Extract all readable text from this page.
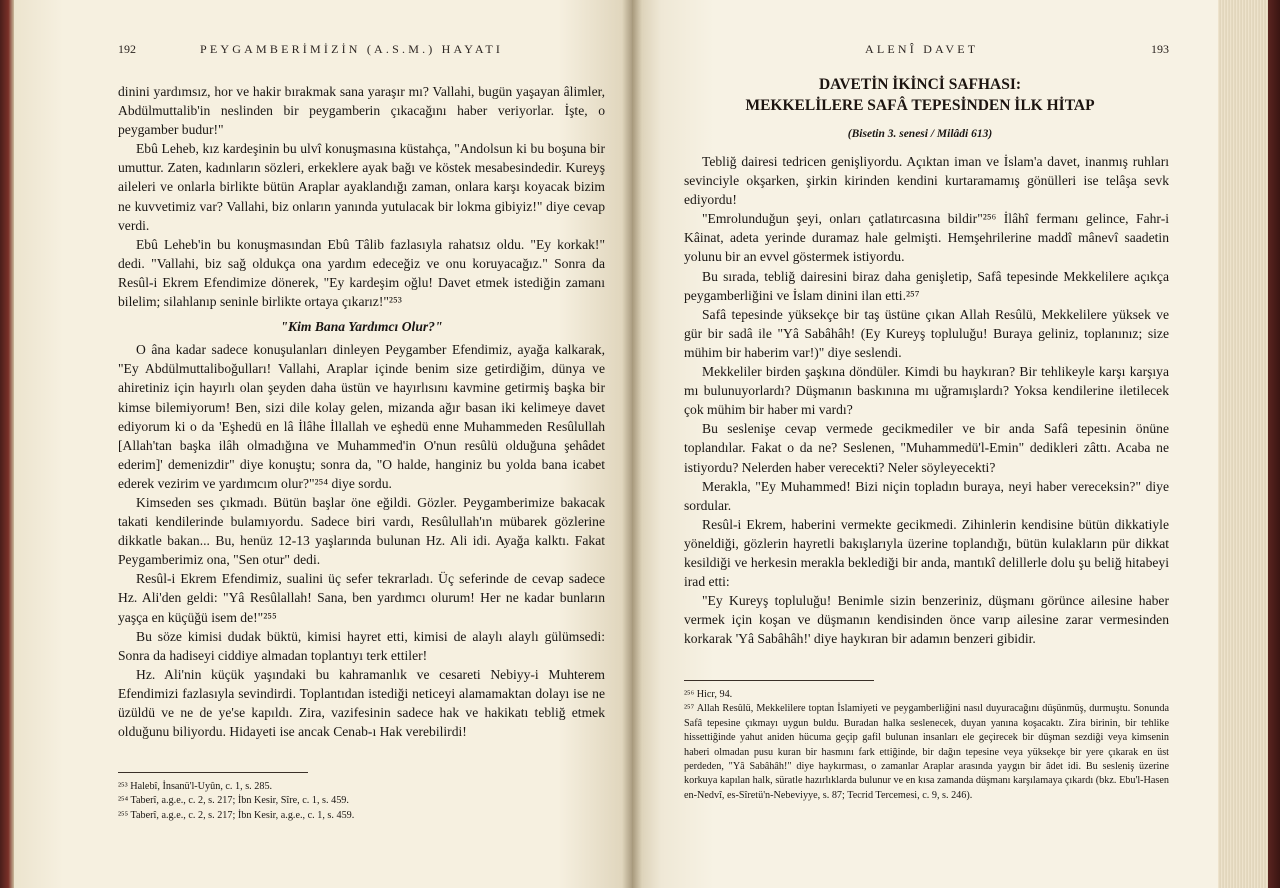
192	PEYGAMBERİMİZİN (A.S.M.) HAYATI

dinini yardımsız, hor ve hakir bırakmak sana yaraşır mı? Vallahi, bugün yaşayan âlimler, Abdülmuttalib'in neslinden bir peygamberin çıkacağını haber veriyorlar. İşte, o peygamber budur!"

Ebû Leheb, kız kardeşinin bu ulvî konuşmasına küstahça, "Andolsun ki bu boşuna bir umuttur. Zaten, kadınların sözleri, erkeklere ayak bağı ve köstek mesabesindedir. Kureyş aileleri ve onlarla birlikte bütün Araplar ayaklandığı zaman, onlara karşı koyacak bizim ne kuvvetimiz var? Vallahi, biz onların yanında yutulacak bir lokma gibiyiz!" diye cevap verdi.

Ebû Leheb'in bu konuşmasından Ebû Tâlib fazlasıyla rahatsız oldu. "Ey korkak!" dedi. "Vallahi, biz sağ oldukça ona yardım edeceğiz ve onu koruyacağız." Sonra da Resûl-i Ekrem Efendimize dönerek, "Ey kardeşim oğlu! Davet etmek istediğin zamanı bilelim; silahlanıp seninle birlikte ortaya çıkarız!"²⁵³

"Kim Bana Yardımcı Olur?"

O âna kadar sadece konuşulanları dinleyen Peygamber Efendimiz, ayağa kalkarak, "Ey Abdülmuttaliboğulları! Vallahi, Araplar içinde benim size getirdiğim, dünya ve ahiretiniz için hayırlı olan şeyden daha üstün ve hayırlısını kavmine getirmiş başka bir kimse bilemiyorum! Ben, sizi dile kolay gelen, mizanda ağır basan iki kelimeye davet ediyorum ki o da 'Eşhedü en lâ İlâhe İllallah ve eşhedü enne Muhammeden Resûlullah [Allah'tan başka ilâh olmadığına ve Muhammed'in O'nun resûlü olduğuna şehâdet ederim]' demenizdir" diye konuştu; sonra da, "O halde, hanginiz bu yolda bana icabet ederek vezirim ve yardımcım olur?"²⁵⁴ diye sordu.

Kimseden ses çıkmadı. Bütün başlar öne eğildi. Gözler. Peygamberimize bakacak takati kendilerinde bulamıyordu. Sadece biri vardı, Resûlullah'ın mübarek gözlerine dikkatle bakan... Bu, henüz 12-13 yaşlarında bulunan Hz. Ali idi. Ayağa kalktı. Fakat Peygamberimiz ona, "Sen otur" dedi.

Resûl-i Ekrem Efendimiz, sualini üç sefer tekrarladı. Üç seferinde de cevap sadece Hz. Ali'den geldi: "Yâ Resûlallah! Sana, ben yardımcı olurum! Her ne kadar bunların yaşça en küçüğü isem de!"²⁵⁵

Bu söze kimisi dudak büktü, kimisi hayret etti, kimisi de alaylı alaylı gülümsedi: Sonra da hadiseyi ciddiye almadan toplantıyı terk ettiler!

Hz. Ali'nin küçük yaşındaki bu kahramanlık ve cesareti Nebiyy-i Muhterem Efendimizi fazlasıyla sevindirdi. Toplantıdan istediği neticeyi alamamaktan dolayı ise ne üzüldü ve ne de ye'se kapıldı. Zira, vazifesinin sadece hak ve hakikatı tebliğ etmek olduğunu biliyordu. Hidayeti ise ancak Cenab-ı Hak verebilirdi!

²⁵³ Halebî, İnsanü'l-Uyûn, c. 1, s. 285.

²⁵⁴ Taberî, a.g.e., c. 2, s. 217; İbn Kesir, Sîre, c. 1, s. 459.

²⁵⁵ Taberî, a.g.e., c. 2, s. 217; İbn Kesir, a.g.e., c. 1, s. 459.

ALENÎ DAVET	193
DAVETİN İKİNCİ SAFHASI:
MEKKELİLERE SAFÂ TEPESİNDEN İLK HİTAP
(Bisetin 3. senesi / Milâdi 613)

Tebliğ dairesi tedricen genişliyordu. Açıktan iman ve İslam'a davet, inanmış ruhları sevinciyle okşarken, şirkin kirinden kendini kurtaramamış gönülleri ise telâşa sevk ediyordu!

"Emrolunduğun şeyi, onları çatlatırcasına bildir"²⁵⁶ İlâhî fermanı gelince, Fahr-i Kâinat, adeta yerinde duramaz hale gelmişti. Hemşehrilerine maddî mânevî saadetin yolunu bir an evvel göstermek istiyordu.

Bu sırada, tebliğ dairesini biraz daha genişletip, Safâ tepesinde Mekkelilere açıkça peygamberliğini ve İslam dinini ilan etti.²⁵⁷

Safâ tepesinde yüksekçe bir taş üstüne çıkan Allah Resûlü, Mekkelilere yüksek ve gür bir sadâ ile "Yâ Sabâhâh! (Ey Kureyş topluluğu! Buraya geliniz, toplanınız; size mühim bir haberim var!)" diye seslendi.

Mekkeliler birden şaşkına döndüler. Kimdi bu haykıran? Bir tehlikeyle karşı karşıya mı bulunuyorlardı? Düşmanın baskınına mı uğramışlardı? Yoksa kendilerine iletilecek çok mühim bir haber mi vardı?

Bu seslenişe cevap vermede gecikmediler ve bir anda Safâ tepesinin önüne toplandılar. Fakat o da ne? Seslenen, "Muhammedü'l-Emin" dedikleri zâttı. Acaba ne istiyordu? Nelerden haber verecekti? Neler söyleyecekti?

Merakla, "Ey Muhammed! Bizi niçin topladın buraya, neyi haber vereceksin?" diye sordular.

Resûl-i Ekrem, haberini vermekte gecikmedi. Zihinlerin kendisine bütün dikkatiyle yöneldiği, gözlerin hayretli bakışlarıyla üzerine toplandığı, bütün kulakların pür dikkat kesildiği ve herkesin merakla beklediği bir anda, mantıkî delillerle dolu şu beliğ hitabeyi irad etti:

"Ey Kureyş topluluğu! Benimle sizin benzeriniz, düşmanı görünce ailesine haber vermek için koşan ve düşmanın kendisinden önce varıp ailesine zarar vermesinden korkarak 'Yâ Sabâhâh!' diye haykıran bir adamın benzeri gibidir.

²⁵⁶ Hicr, 94.

²⁵⁷ Allah Resûlü, Mekkelilere toptan İslamiyeti ve peygamberliğini nasıl duyuracağını düşünmüş, durmuştu. Sonunda Safâ tepesine çıkmayı uygun buldu. Buradan halka seslenecek, duyan yanına koşacaktı. Zira birinin, bir tehlike hissettiğinde yahut aniden hücuma geçip gafil bulunan insanları ele geçirecek bir düşman sezdiği veya kimsenin haberi olmadan pusu kuran bir hasmını fark ettiğinde, bir dağın tepesine veya yüksekçe bir yere çıkarak en üst perdeden, "Yâ Sabâhâh!" diye haykırması, o zamanlar Araplar arasında yaygın bir âdet idi. Bu sesleniş üzerine korkuya kapılan halk, süratle hazırlıklarda bulunur ve en kısa zamanda düşmanı karşılamaya çıkardı (bkz. Ebu'l-Hasen en-Nedvî, es-Sîretü'n-Nebeviyye, s. 87; Tecrid Tercemesi, c. 9, s. 246).
